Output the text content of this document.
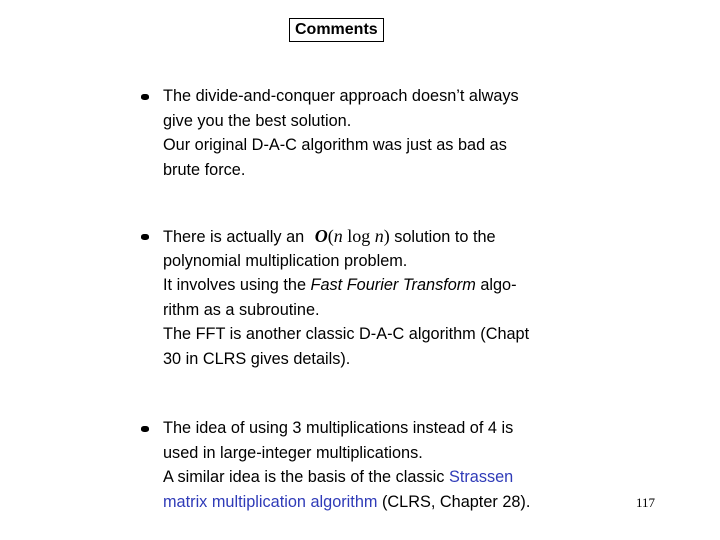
Comments
The divide-and-conquer approach doesn’t always
give you the best solution.
Our original D-A-C algorithm was just as bad as
brute force.
There is actually an O(n log n) solution to the
polynomial multiplication problem.
It involves using the Fast Fourier Transform algo-
rithm as a subroutine.
The FFT is another classic D-A-C algorithm (Chapt
30 in CLRS gives details).
The idea of using 3 multiplications instead of 4 is
used in large-integer multiplications.
A similar idea is the basis of the classic Strassen
matrix multiplication algorithm (CLRS, Chapter 28).	117
